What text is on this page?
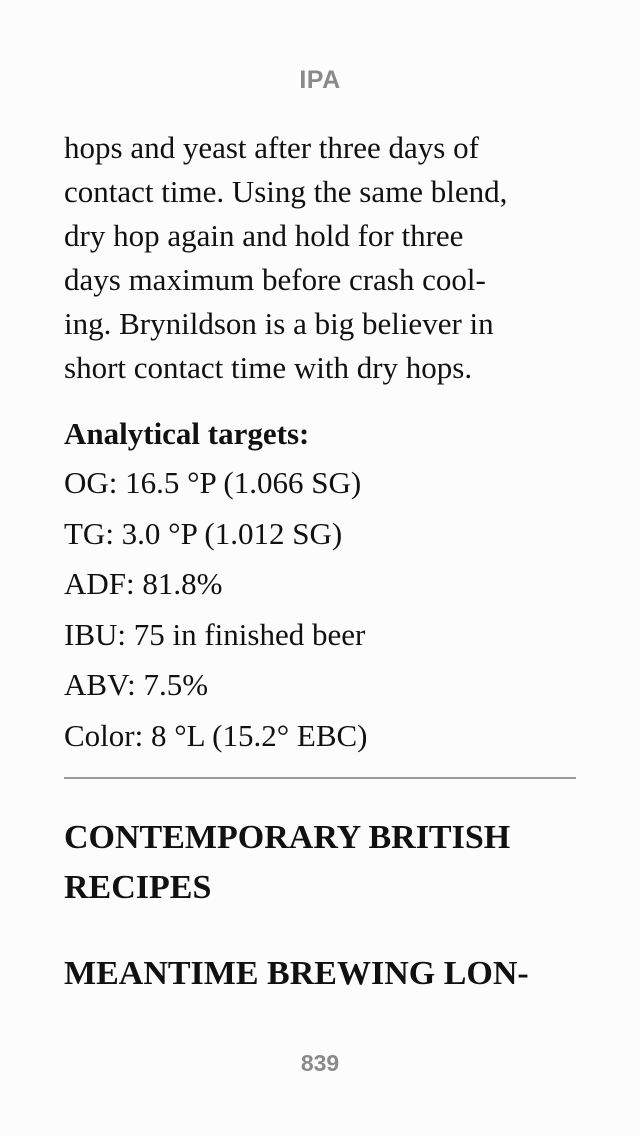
IPA
hops and yeast after three days of
contact time. Using the same blend,
dry hop again and hold for three
days maximum before crash cool-
ing. Brynildson is a big believer in
short contact time with dry hops.
Analytical targets:
OG: 16.5 °P (1.066 SG)
TG: 3.0 °P (1.012 SG)
ADF: 81.8%
IBU: 75 in finished beer
ABV: 7.5%
Color: 8 °L (15.2° EBC)
CONTEMPORARY BRITISH
RECIPES
MEANTIME BREWING LON-
839
